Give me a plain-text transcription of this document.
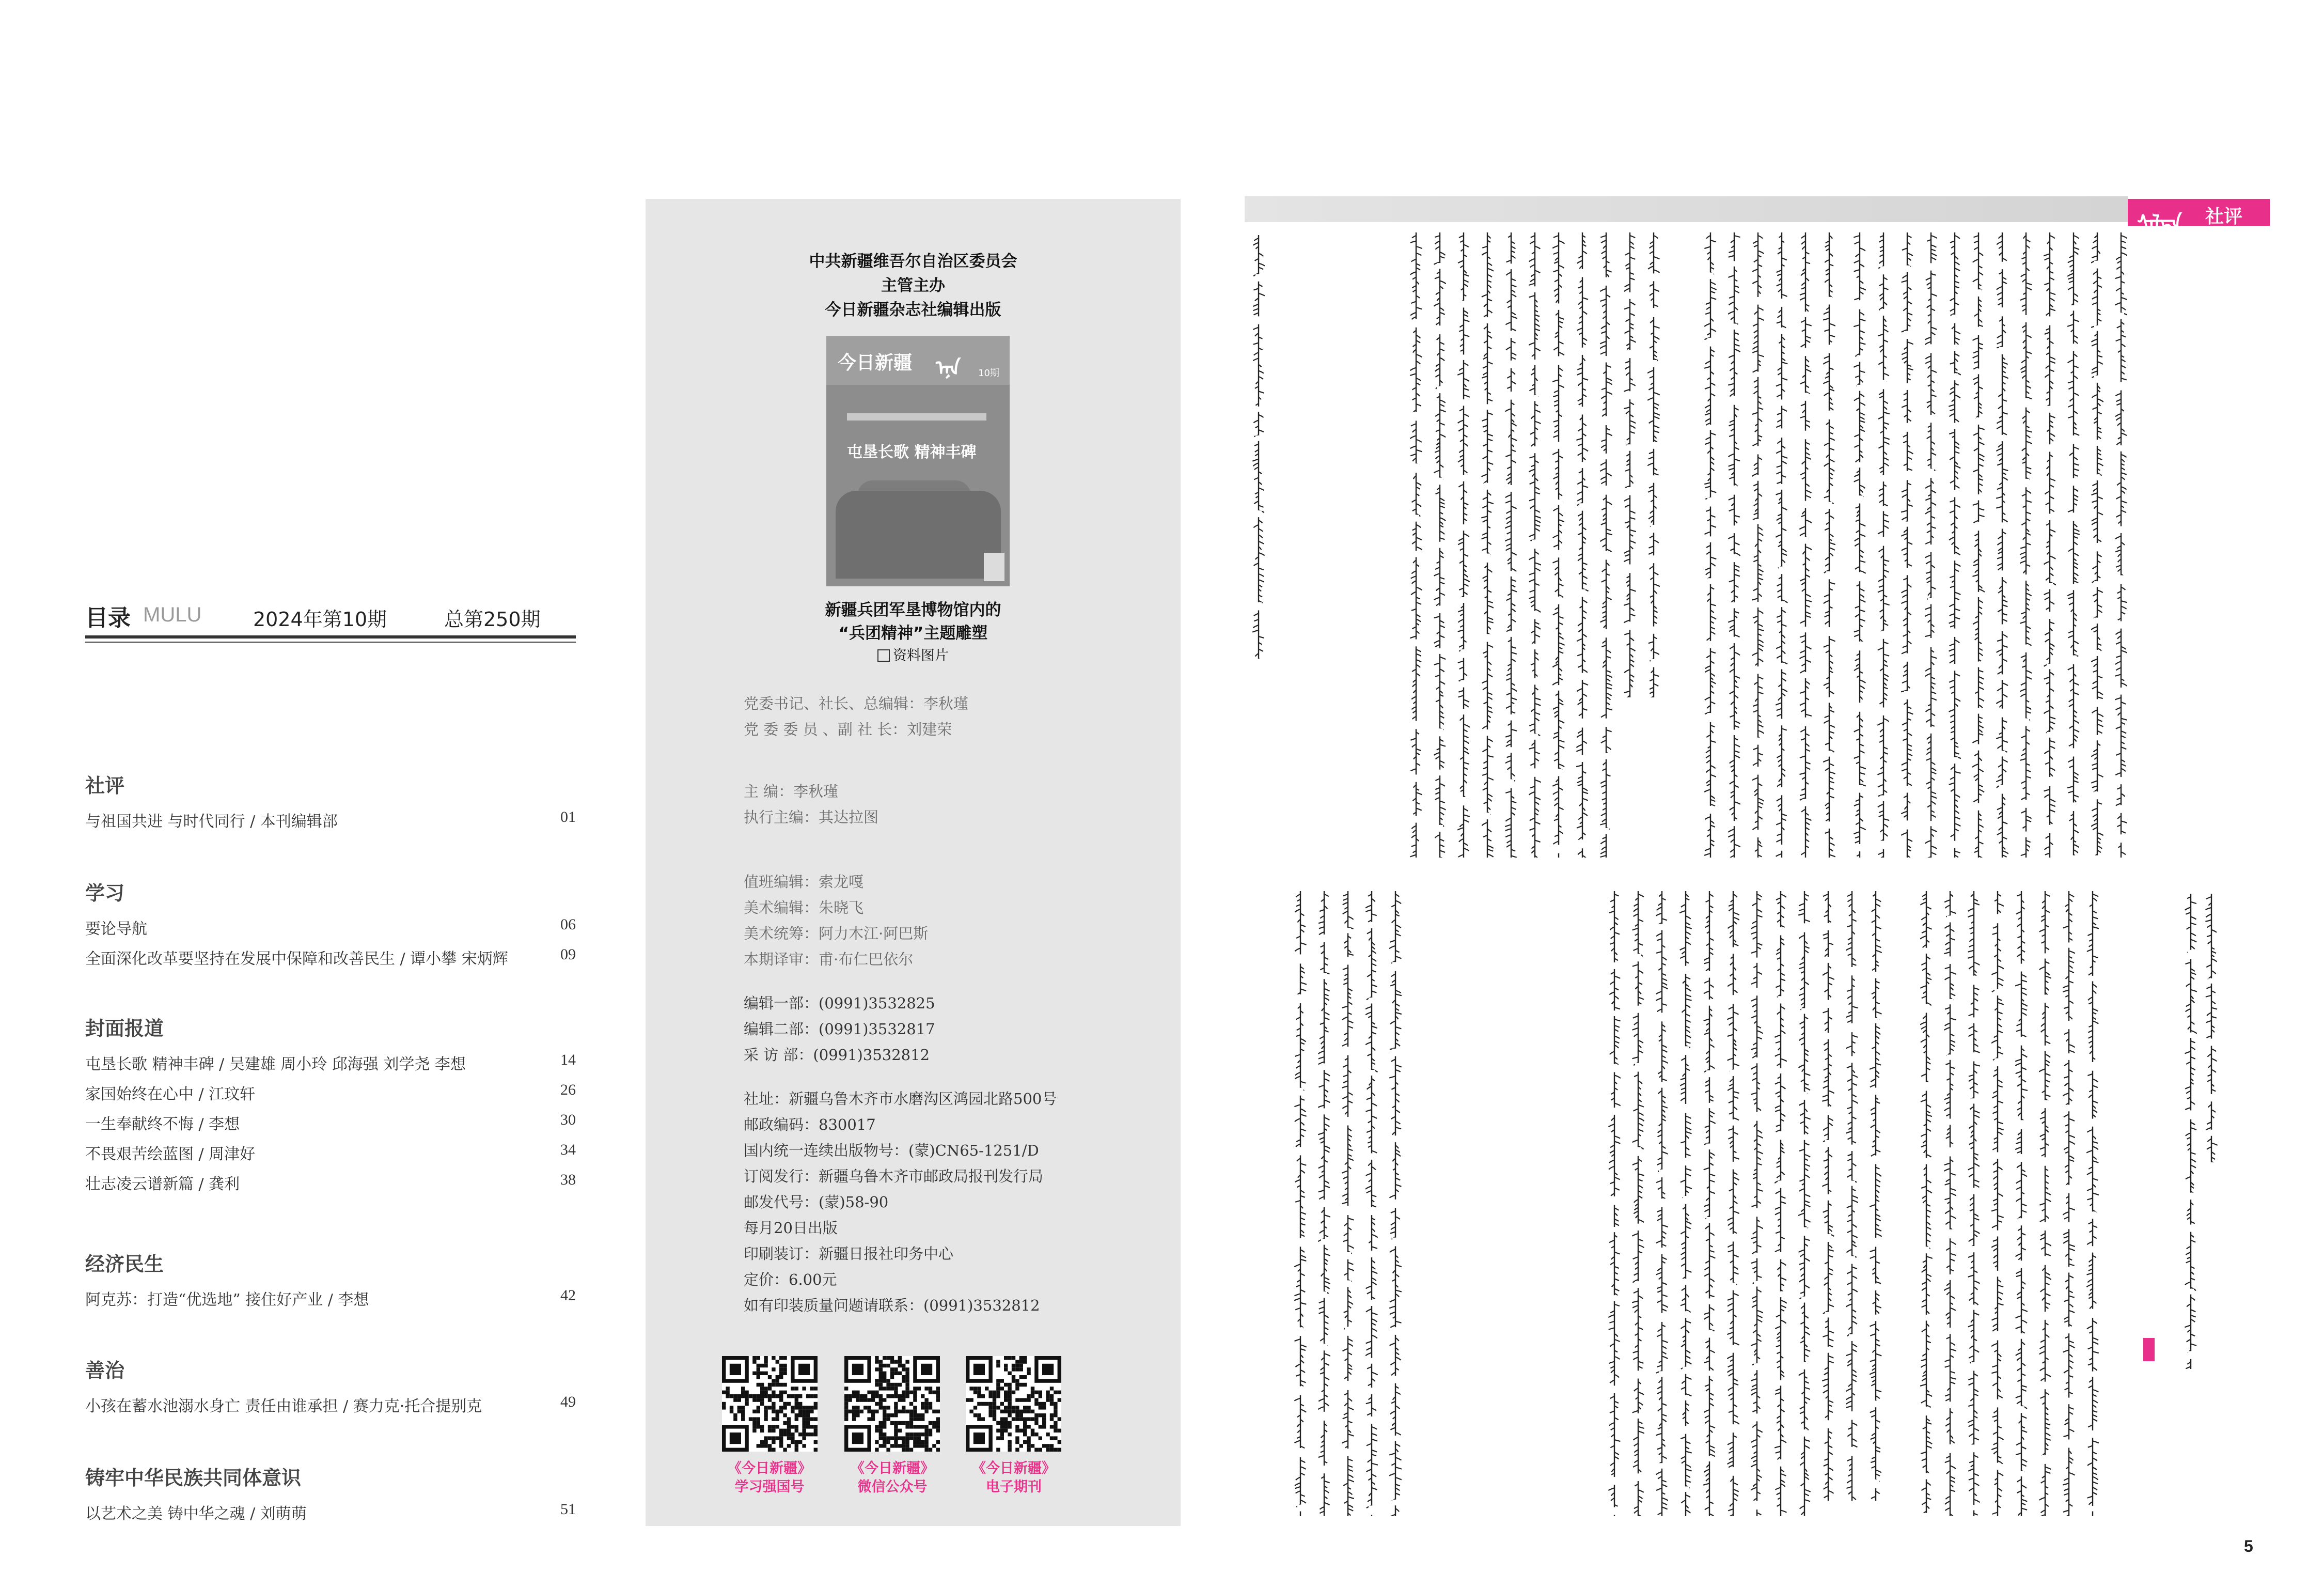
目录 MULU	2024年第10期	总第250期
社评
与祖国共进 与时代同行 / 本刊编辑部	01
学习
要论导航	06
全面深化改革要坚持在发展中保障和改善民生 / 谭小攀 宋炳辉	09
封面报道
屯垦长歌 精神丰碑 / 吴建雄 周小玲 邱海强 刘学尧 李想	14
家国始终在心中 / 江玟轩	26
一生奉献终不悔 / 李想	30
不畏艰苦绘蓝图 / 周津好	34
壮志凌云谱新篇 / 龚利	38
经济民生
阿克苏：打造“优选地” 接住好产业 / 李想	42
善治
小孩在蓄水池溺水身亡 责任由谁承担 / 赛力克·托合提别克	49
铸牢中华民族共同体意识
以艺术之美 铸中华之魂 / 刘萌萌	51
中共新疆维吾尔自治区委员会
主管主办
今日新疆杂志社编辑出版
今日新疆 ᠡᠨᠡ 10期
屯垦长歌 精神丰碑
新疆兵团军垦博物馆内的
“兵团精神”主题雕塑
资料图片
党委书记、社长、总编辑：李秋瑾
党 委 委 员 、副 社 长：刘建荣
主 编：李秋瑾
执行主编：其达拉图
值班编辑：索龙嘎
美术编辑：朱晓飞
美术统筹：阿力木江·阿巴斯
本期译审：甫·布仁巴依尔
编辑一部：(0991)3532825
编辑二部：(0991)3532817
采 访 部：(0991)3532812
社址：新疆乌鲁木齐市水磨沟区鸿园北路500号
邮政编码：830017
国内统一连续出版物号：(蒙)CN65-1251/D
订阅发行：新疆乌鲁木齐市邮政局报刊发行局
邮发代号：(蒙)58-90
每月20日出版
印刷装订：新疆日报社印务中心
定价：6.00元
如有印装质量问题请联系：(0991)3532812
《今日新疆》
学习强国号
《今日新疆》
微信公众号
《今日新疆》
电子期刊
ᠰᠡᠯᠲᠡ 社评
5
